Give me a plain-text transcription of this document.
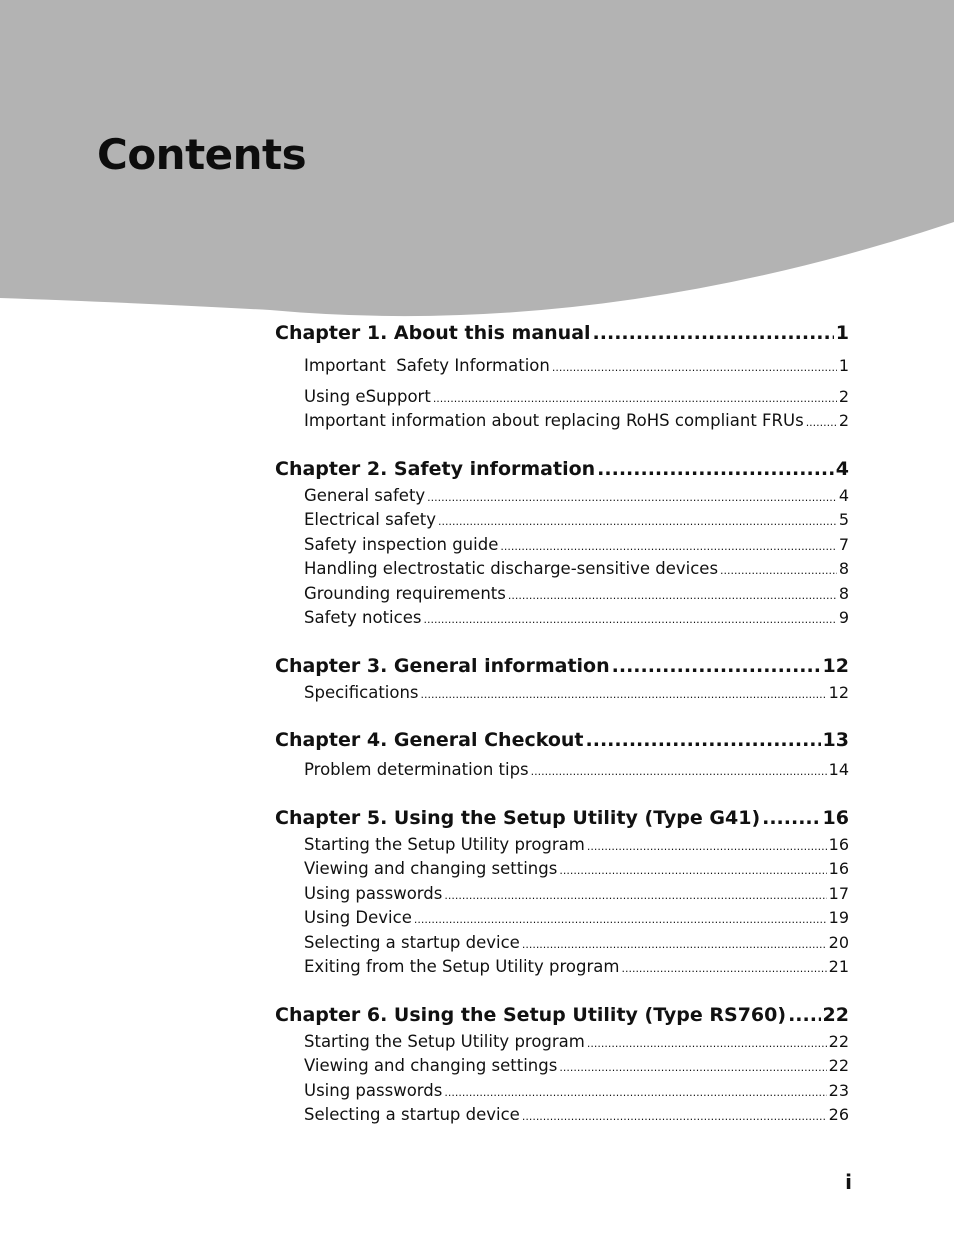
Contents
Chapter 1. About this manual .....	1
Important  Safety Information .....	1
Using eSupport .....	2
Important information about replacing RoHS compliant FRUs ..... 2
Chapter 2. Safety information .....	4
General safety .....	4
Electrical safety .....	5
Safety inspection guide .....	7
Handling electrostatic discharge-sensitive devices .....	8
Grounding requirements .....	8
Safety notices .....	9
Chapter 3. General information .....	12
Specifications .....	12
Chapter 4. General Checkout .....	13
Problem determination tips .....	14
Chapter 5. Using the Setup Utility (Type G41) .....	16
Starting the Setup Utility program .....	16
Viewing and changing settings .....	16
Using passwords .....	17
Using Device .....	19
Selecting a startup device .....	20
Exiting from the Setup Utility program .....	21
Chapter 6. Using the Setup Utility (Type RS760) ..... 22
Starting the Setup Utility program .....	22
Viewing and changing settings .....	22
Using passwords .....	23
Selecting a startup device .....	26
i
